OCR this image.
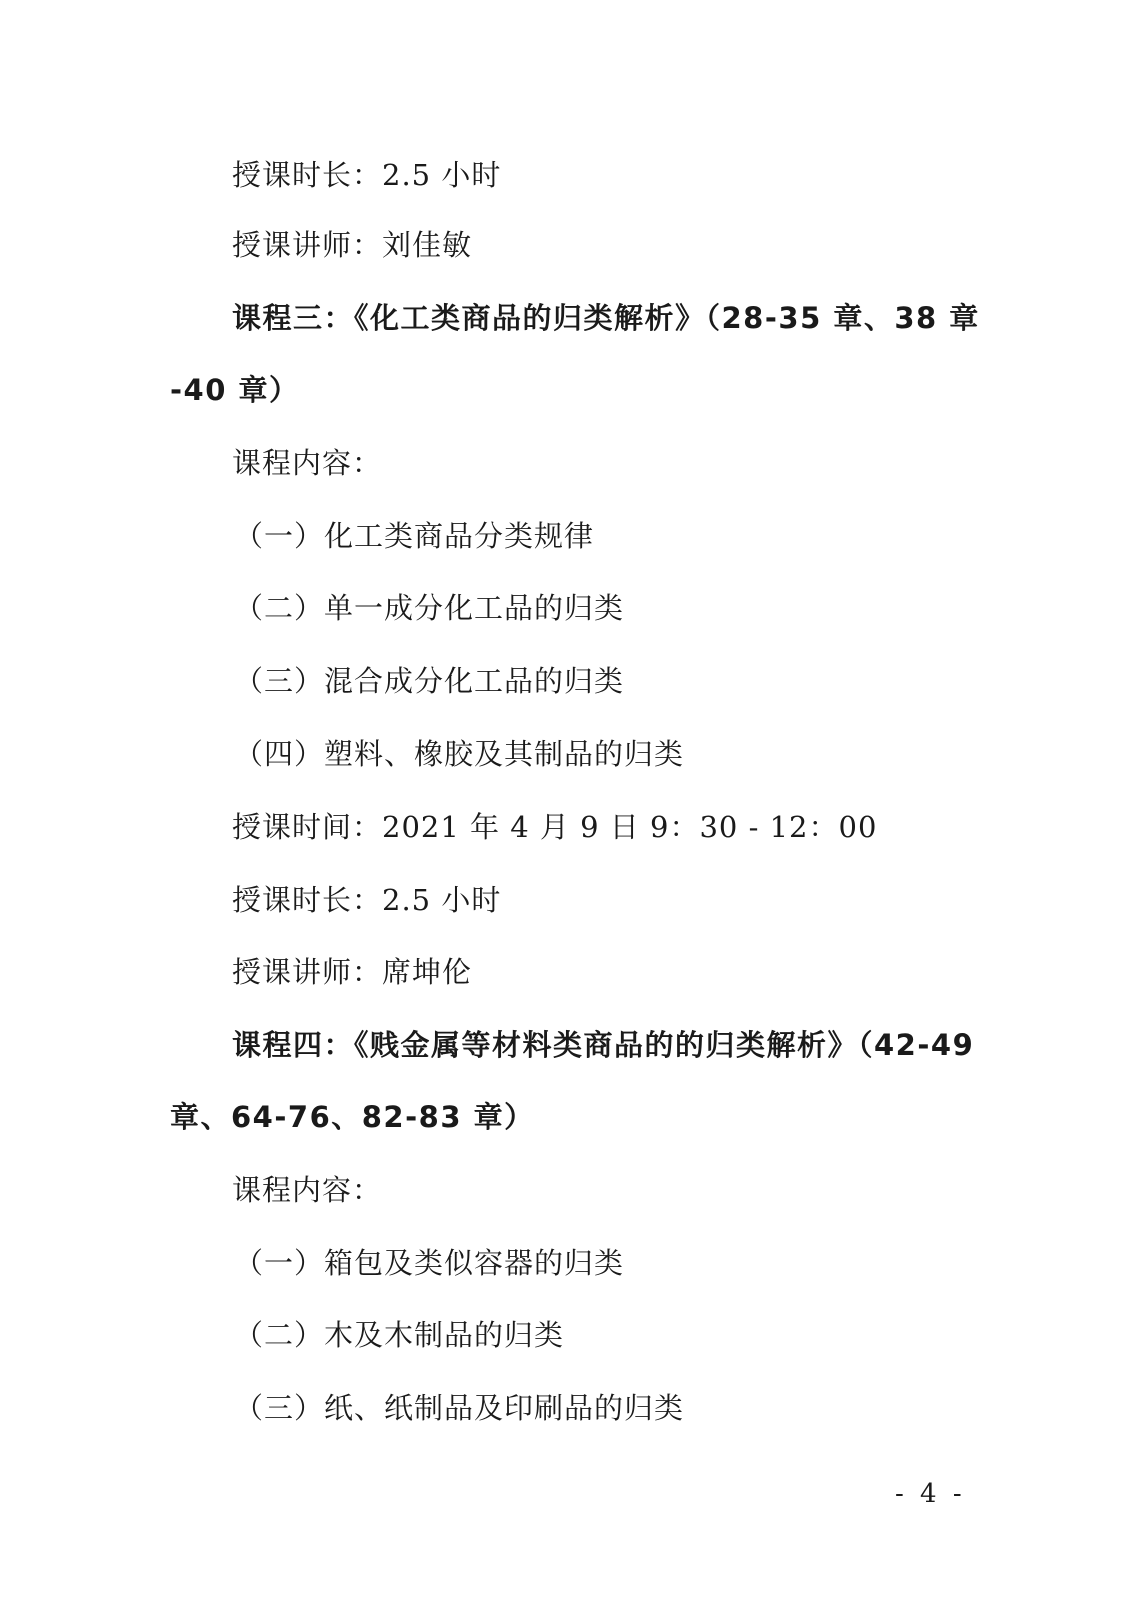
授课时长：2.5 小时
授课讲师：刘佳敏
课程三：《化工类商品的归类解析》（28-35 章、38 章
-40 章）
课程内容：
（一）化工类商品分类规律
（二）单一成分化工品的归类
（三）混合成分化工品的归类
（四）塑料、橡胶及其制品的归类
授课时间：2021 年 4 月 9 日 9：30 - 12：00
授课时长：2.5 小时
授课讲师：席坤伦
课程四：《贱金属等材料类商品的的归类解析》（42-49
章、64-76、82-83 章）
课程内容：
（一）箱包及类似容器的归类
（二）木及木制品的归类
（三）纸、纸制品及印刷品的归类
- 4 -
